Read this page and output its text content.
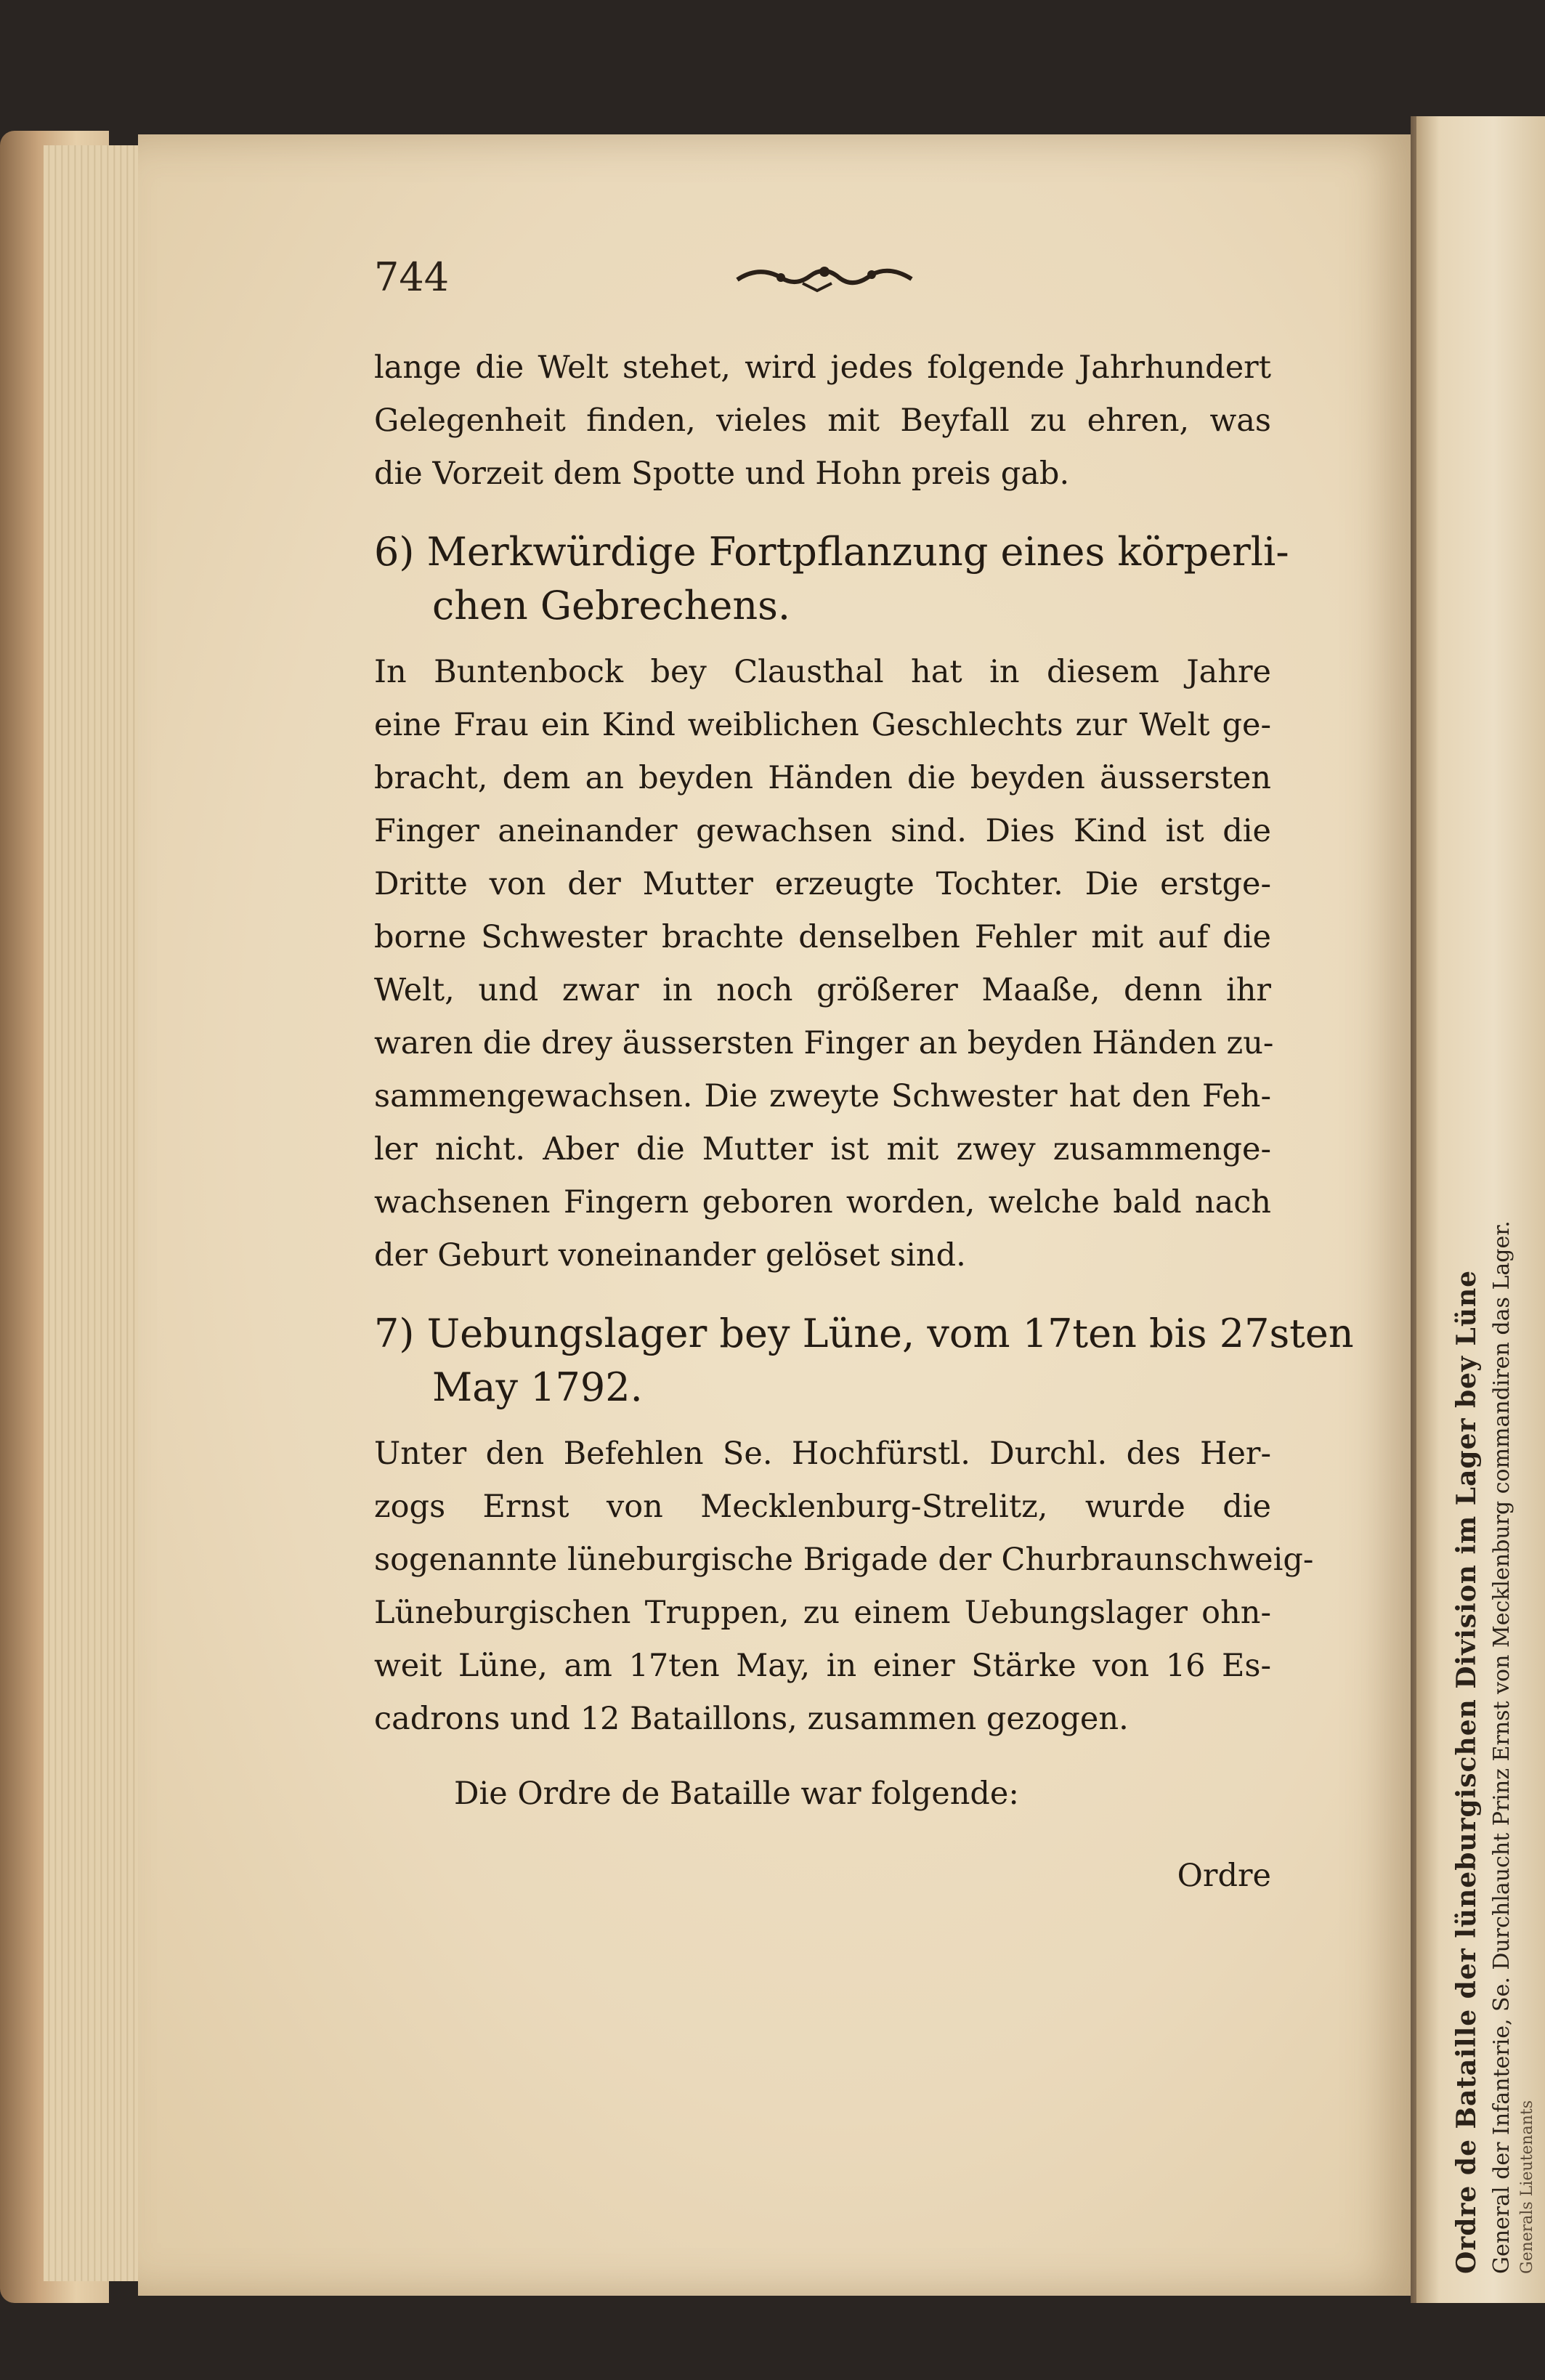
Ordre de Bataille der lüneburgischen Division im Lager bey Lüne General der Infanterie, Se. Durchlaucht Prinz Ernst von Mecklenburg commandiren das Lager. Generals Lieutenants
744
lange die Welt stehet, wird jedes folgende Jahrhundert
Gelegenheit finden, vieles mit Beyfall zu ehren, was
die Vorzeit dem Spotte und Hohn preis gab.
6) Merkwürdige Fortpflanzung eines körperli-
chen Gebrechens.
In Buntenbock bey Clausthal hat in diesem Jahre
eine Frau ein Kind weiblichen Geschlechts zur Welt ge-
bracht, dem an beyden Händen die beyden äussersten
Finger aneinander gewachsen sind. Dies Kind ist die
Dritte von der Mutter erzeugte Tochter. Die erstge-
borne Schwester brachte denselben Fehler mit auf die
Welt, und zwar in noch größerer Maaße, denn ihr
waren die drey äussersten Finger an beyden Händen zu-
sammengewachsen. Die zweyte Schwester hat den Feh-
ler nicht. Aber die Mutter ist mit zwey zusammenge-
wachsenen Fingern geboren worden, welche bald nach
der Geburt voneinander gelöset sind.
7) Uebungslager bey Lüne, vom 17ten bis 27sten
May 1792.
Unter den Befehlen Se. Hochfürstl. Durchl. des Her-
zogs Ernst von Mecklenburg-Strelitz, wurde die
sogenannte lüneburgische Brigade der Churbraunschweig-
Lüneburgischen Truppen, zu einem Uebungslager ohn-
weit Lüne, am 17ten May, in einer Stärke von 16 Es-
cadrons und 12 Bataillons, zusammen gezogen.
Die Ordre de Bataille war folgende:
Ordre
